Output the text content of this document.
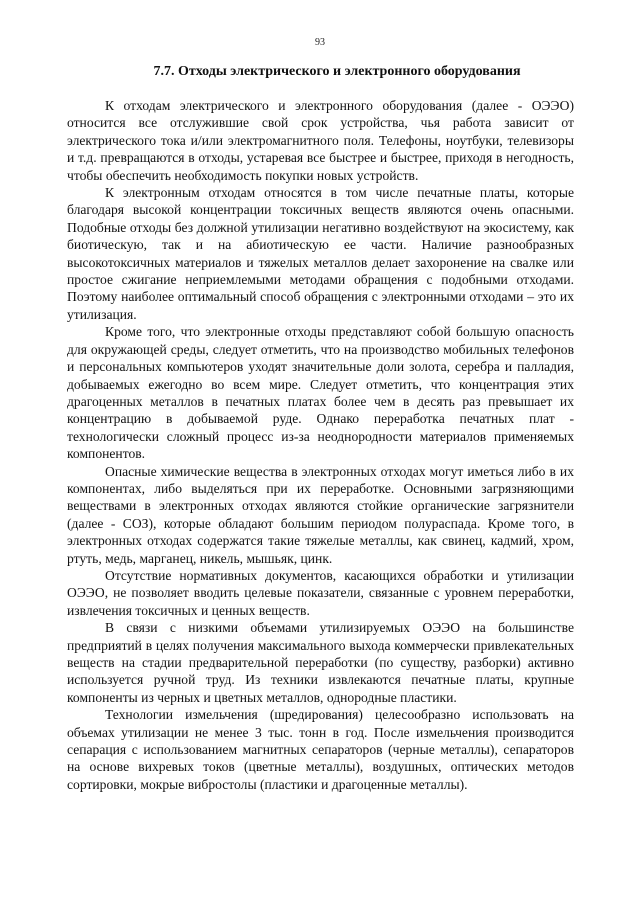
93
7.7. Отходы электрического и электронного оборудования

К отходам электрического и электронного оборудования (далее - ОЭЭО) относится все отслужившие свой срок устройства, чья работа зависит от электрического тока и/или электромагнитного поля. Телефоны, ноутбуки, телевизоры и т.д. превращаются в отходы, устаревая все быстрее и быстрее, приходя в негодность, чтобы обеспечить необходимость покупки новых устройств.

К электронным отходам относятся в том числе печатные платы, которые благодаря высокой концентрации токсичных веществ являются очень опасными. Подобные отходы без должной утилизации негативно воздействуют на экосистему, как биотическую, так и на абиотическую ее части. Наличие разнообразных высокотоксичных материалов и тяжелых металлов делает захоронение на свалке или простое сжигание неприемлемыми методами обращения с подобными отходами. Поэтому наиболее оптимальный способ обращения с электронными отходами – это их утилизация.

Кроме того, что электронные отходы представляют собой большую опасность для окружающей среды, следует отметить, что на производство мобильных телефонов и персональных компьютеров уходят значительные доли золота, серебра и палладия, добываемых ежегодно во всем мире. Следует отметить, что концентрация этих драгоценных металлов в печатных платах более чем в десять раз превышает их концентрацию в добываемой руде. Однако переработка печатных плат - технологически сложный процесс из-за неоднородности материалов применяемых компонентов.

Опасные химические вещества в электронных отходах могут иметься либо в их компонентах, либо выделяться при их переработке. Основными загрязняющими веществами в электронных отходах являются стойкие органические загрязнители (далее - СОЗ), которые обладают большим периодом полураспада. Кроме того, в электронных отходах содержатся такие тяжелые металлы, как свинец, кадмий, хром, ртуть, медь, марганец, никель, мышьяк, цинк.

Отсутствие нормативных документов, касающихся обработки и утилизации ОЭЭО, не позволяет вводить целевые показатели, связанные с уровнем переработки, извлечения токсичных и ценных веществ.

В связи с низкими объемами утилизируемых ОЭЭО на большинстве предприятий в целях получения максимального выхода коммерчески привлекательных веществ на стадии предварительной переработки (по существу, разборки) активно используется ручной труд. Из техники извлекаются печатные платы, крупные компоненты из черных и цветных металлов, однородные пластики.

Технологии измельчения (шредирования) целесообразно использовать на объемах утилизации не менее 3 тыс. тонн в год. После измельчения производится сепарация с использованием магнитных сепараторов (черные металлы), сепараторов на основе вихревых токов (цветные металлы), воздушных, оптических методов сортировки, мокрые вибростолы (пластики и драгоценные металлы).
